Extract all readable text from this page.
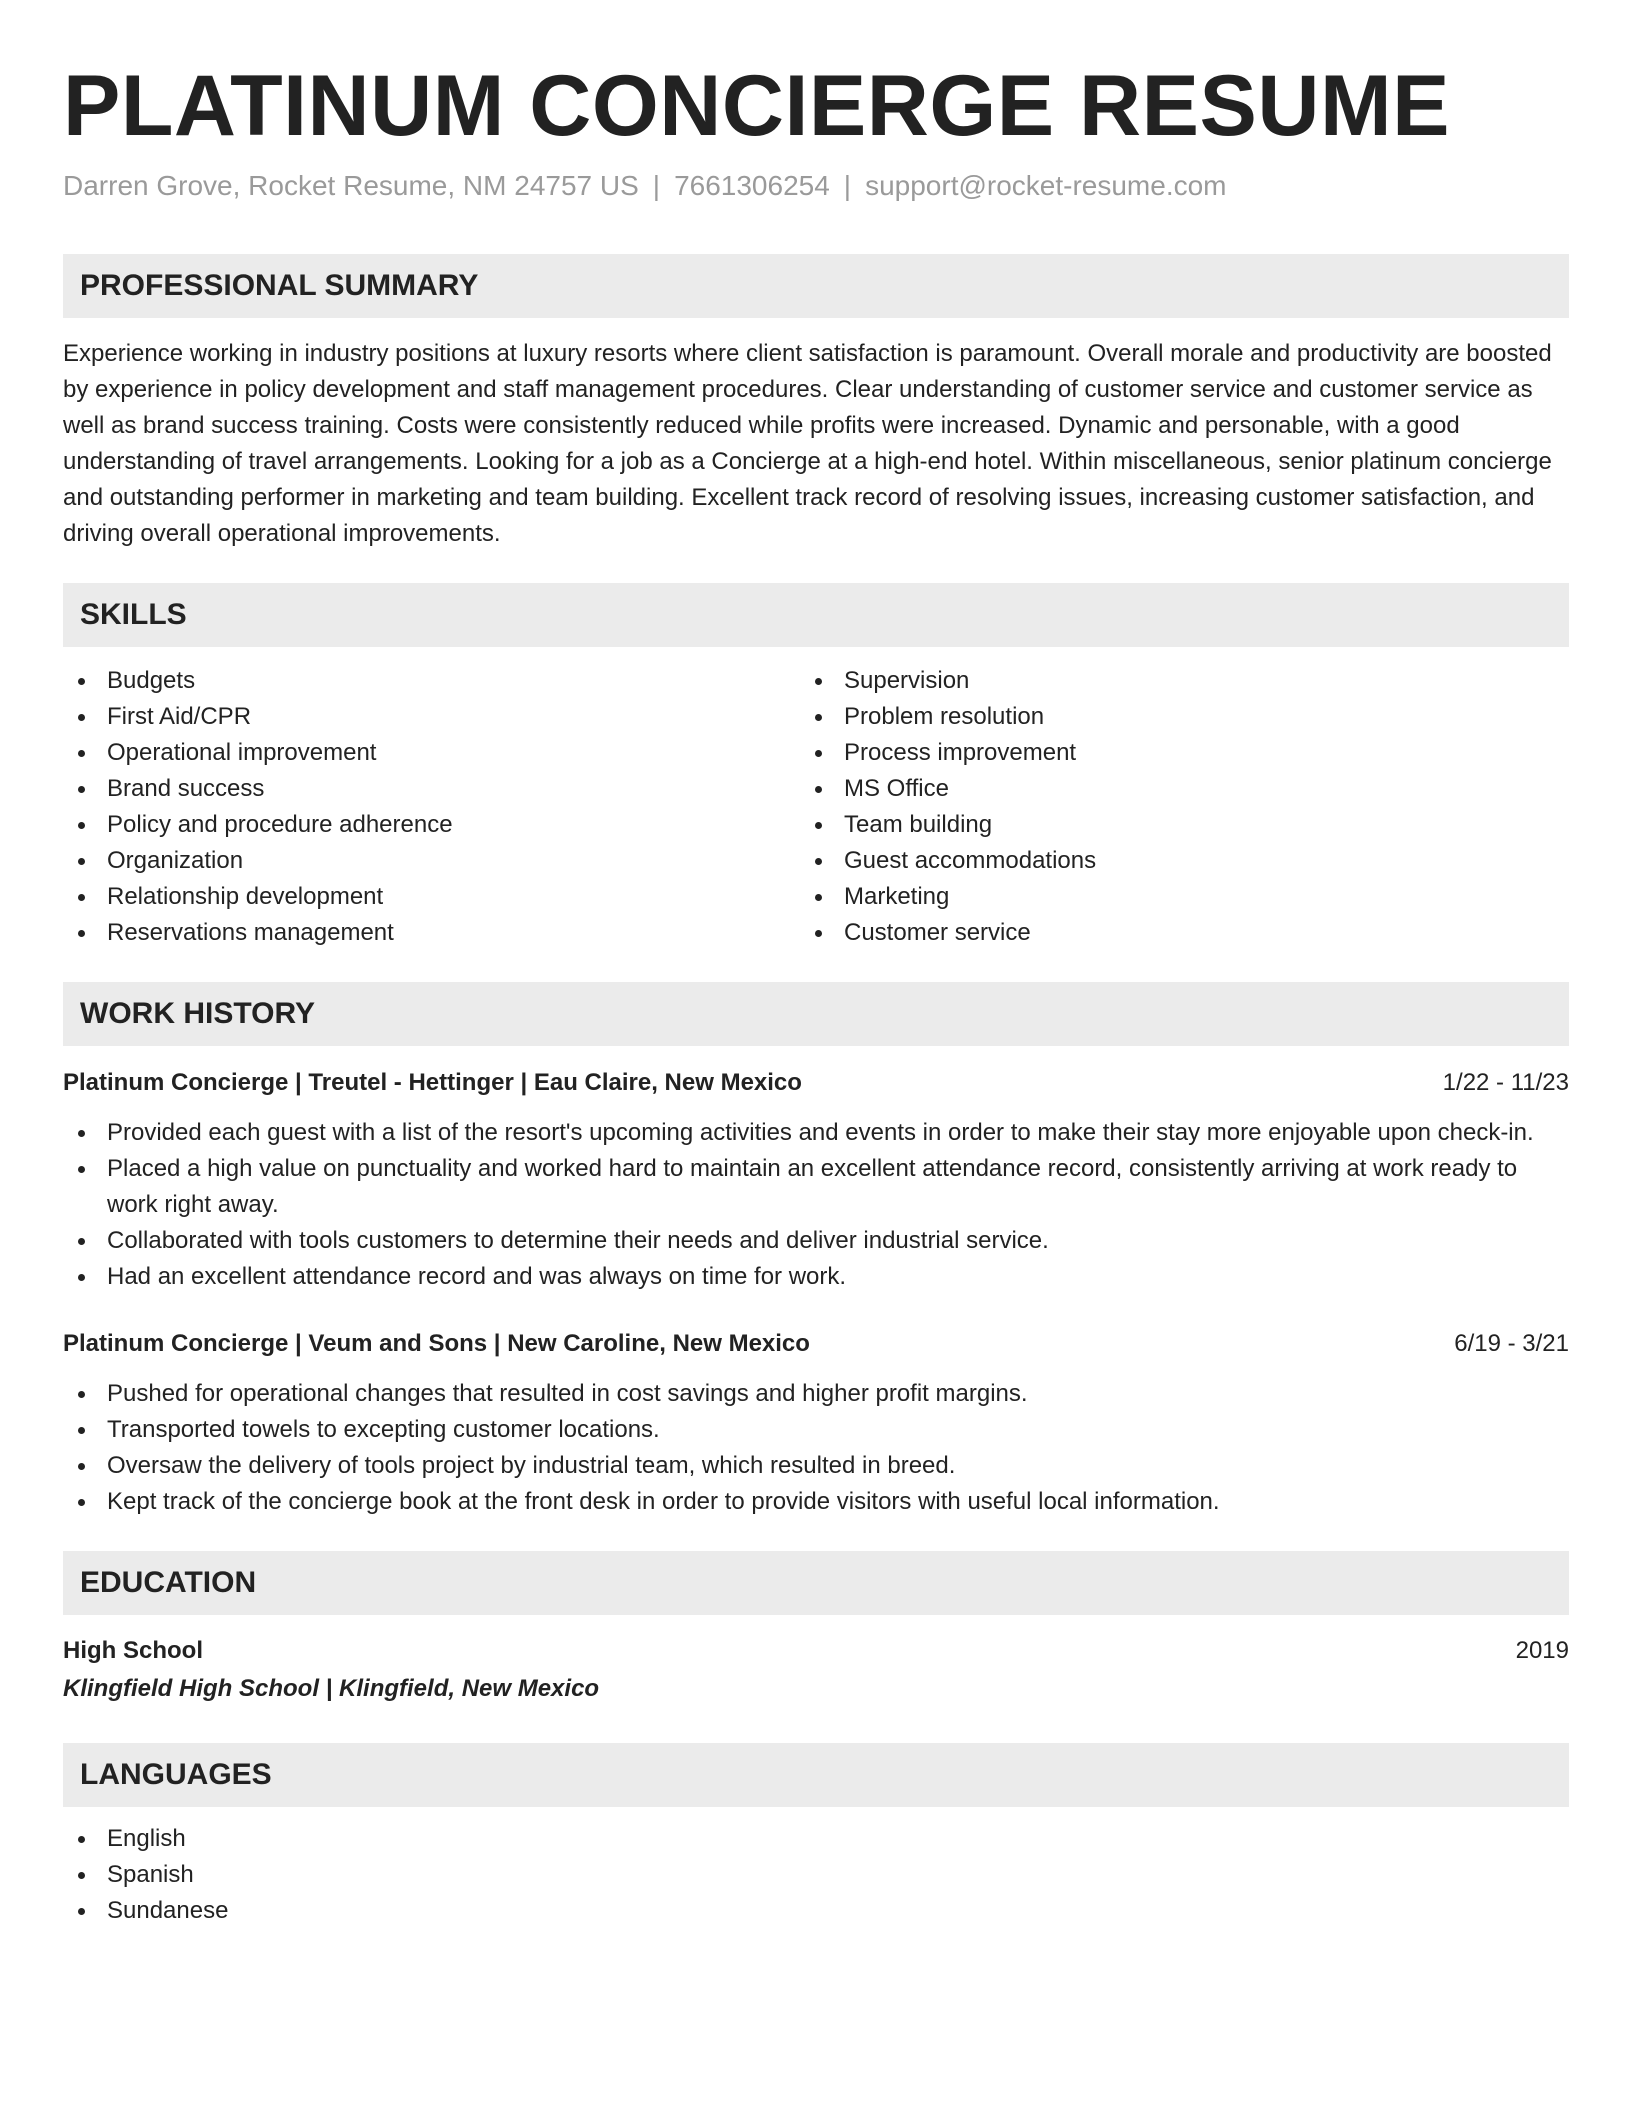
PLATINUM CONCIERGE RESUME
Darren Grove, Rocket Resume, NM 24757 US | 7661306254 | support@rocket-resume.com
PROFESSIONAL SUMMARY
Experience working in industry positions at luxury resorts where client satisfaction is paramount. Overall morale and productivity are boosted by experience in policy development and staff management procedures. Clear understanding of customer service and customer service as well as brand success training. Costs were consistently reduced while profits were increased. Dynamic and personable, with a good understanding of travel arrangements. Looking for a job as a Concierge at a high-end hotel. Within miscellaneous, senior platinum concierge and outstanding performer in marketing and team building. Excellent track record of resolving issues, increasing customer satisfaction, and driving overall operational improvements.
SKILLS
Budgets
First Aid/CPR
Operational improvement
Brand success
Policy and procedure adherence
Organization
Relationship development
Reservations management
Supervision
Problem resolution
Process improvement
MS Office
Team building
Guest accommodations
Marketing
Customer service
WORK HISTORY
Platinum Concierge | Treutel - Hettinger | Eau Claire, New Mexico	1/22 - 11/23
Provided each guest with a list of the resort's upcoming activities and events in order to make their stay more enjoyable upon check-in.
Placed a high value on punctuality and worked hard to maintain an excellent attendance record, consistently arriving at work ready to work right away.
Collaborated with tools customers to determine their needs and deliver industrial service.
Had an excellent attendance record and was always on time for work.
Platinum Concierge | Veum and Sons | New Caroline, New Mexico	6/19 - 3/21
Pushed for operational changes that resulted in cost savings and higher profit margins.
Transported towels to excepting customer locations.
Oversaw the delivery of tools project by industrial team, which resulted in breed.
Kept track of the concierge book at the front desk in order to provide visitors with useful local information.
EDUCATION
High School	2019
Klingfield High School | Klingfield, New Mexico
LANGUAGES
English
Spanish
Sundanese
